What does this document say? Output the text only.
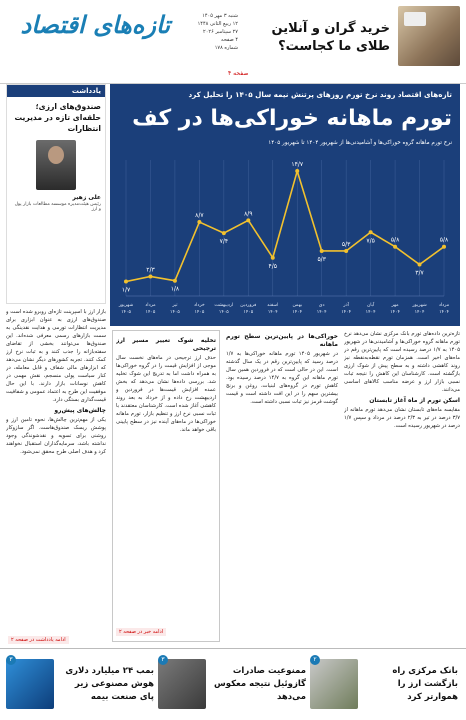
تازه‌های اقتصاد	شنبه ۳ مهر ۱۴۰۵
۱۲ ربیع الثانی ۱۴۴۸
۲۷ سپتامبر ۲۰۲۶
۴ صفحه
شماره ۱۷۸
خرید گران و آنلاین طلای ما کجاست؟
صفحه ۴
تازه‌های اقتصاد روند نرخ تورم روزهای پرتنش نیمه سال ۱۴۰۵ را تحلیل کرد
تورم ماهانه خوراکی‌ها در کف
نرخ تورم ماهانه گروه خوراکی‌ها و آشامیدنی‌ها از شهریور ۱۴۰۴ تا شهریور ۱۴۰۵
۱/۷
۲/۳
۱/۸
۸/۷
۷/۴
۸/۹
۴/۵
۱۴/۷
۵/۳
۵/۳
۷/۵	۵/۸
۳/۷
۵/۸
شهریور
۱۴۰۵
مرداد
۱۴۰۵
تیر
۱۴۰۵
خرداد
۱۴۰۵
اردیبهشت
۱۴۰۵
فروردین
۱۴۰۵
اسفند
۱۴۰۴
بهمن
۱۴۰۴
دی
۱۴۰۴
آذر
۱۴۰۴
آبان
۱۴۰۴
مهر
۱۴۰۴
شهریور
۱۴۰۴
مرداد
۱۴۰۴
یادداشت
صندوق‌های ارزی؛ حلقه‌ای تازه در مدیریت انتظارات
علی زهیر
رئیس هیئت‌مدیره موسسه مطالعات بازار پول و ارز
بازار ارز با اسپرینت تازه‌ای روبرو شده است و صندوق‌های ارزی به عنوان ابزاری برای مدیریت انتظارات تورمی و هدایت نقدینگی به سمت بازارهای رسمی معرفی شده‌اند. این صندوق‌ها می‌توانند بخشی از تقاضای سفته‌بازانه را جذب کنند و به ثبات نرخ ارز کمک کنند. تجربه کشورهای دیگر نشان می‌دهد که ابزارهای مالی شفاف و قابل معامله، در کنار سیاست پولی منسجم، نقش مهمی در کاهش نوسانات بازار دارند. با این حال موفقیت این طرح به اعتماد عمومی و شفافیت قیمت‌گذاری بستگی دارد.
چالش‌های پیش‌رو
یکی از مهم‌ترین چالش‌ها، نحوه تامین ارز و پوشش ریسک صندوق‌هاست. اگر سازوکار روشنی برای تسویه و نقدشوندگی وجود نداشته باشد، سرمایه‌گذاران استقبال نخواهند کرد و هدف اصلی طرح محقق نمی‌شود.
ادامه یادداشت در صفحه ۲
تخلیه شوک تغییر مسیر ارز ترجیحی
حذف ارز ترجیحی در ماه‌های نخست سال موجی از افزایش قیمت را در گروه خوراکی‌ها به همراه داشت اما به تدریج این شوک تخلیه شد. بررسی داده‌ها نشان می‌دهد که بخش عمده افزایش قیمت‌ها در فروردین و اردیبهشت رخ داده و از خرداد به بعد روند کاهشی آغاز شده است. کارشناسان معتقدند با ثبات نسبی نرخ ارز و تنظیم بازار، تورم ماهانه خوراکی‌ها در ماه‌های آینده نیز در سطح پایینی باقی خواهد ماند.
ادامه خبر در صفحه ۲
خوراکی‌ها در پایین‌ترین سطح تورم ماهانه
در شهریور ۱۴۰۵ تورم ماهانه خوراکی‌ها به ۱/۷ درصد رسید که پایین‌ترین رقم در یک سال گذشته است. این در حالی است که در فروردین همین سال تورم ماهانه این گروه به ۱۴/۷ درصد رسیده بود. کاهش تورم در گروه‌های لبنیات، روغن و برنج بیشترین سهم را در این افت داشته است و قیمت گوشت قرمز نیز ثبات نسبی داشته است.
تازه‌ترین داده‌های تورم بانک مرکزی نشان می‌دهد نرخ تورم ماهانه گروه خوراکی‌ها و آشامیدنی‌ها در شهریور ۱۴۰۵ به ۱/۷ درصد رسیده است که پایین‌ترین رقم در ماه‌های اخیر است. همزمان تورم نقطه‌به‌نقطه نیز روند کاهشی داشته و به سطح پیش از شوک ارزی بازگشته است. کارشناسان این کاهش را نتیجه ثبات نسبی بازار ارز و عرضه مناسب کالاهای اساسی می‌دانند.
اسکن تورم از ماه آغاز تابستان
مقایسه ماه‌های تابستان نشان می‌دهد تورم ماهانه از ۳/۷ درصد در تیر به ۲/۳ درصد در مرداد و سپس ۱/۷ درصد در شهریور رسیده است.
بمب ۲۴ میلیارد دلاری هوش مصنوعی زیر پای صنعت بیمه
۳
ممنوعیت صادرات گازوئیل نتیجه معکوس می‌دهد
۳
بانک مرکزی راه بازگشت ارز را هموارتر کرد
۲
